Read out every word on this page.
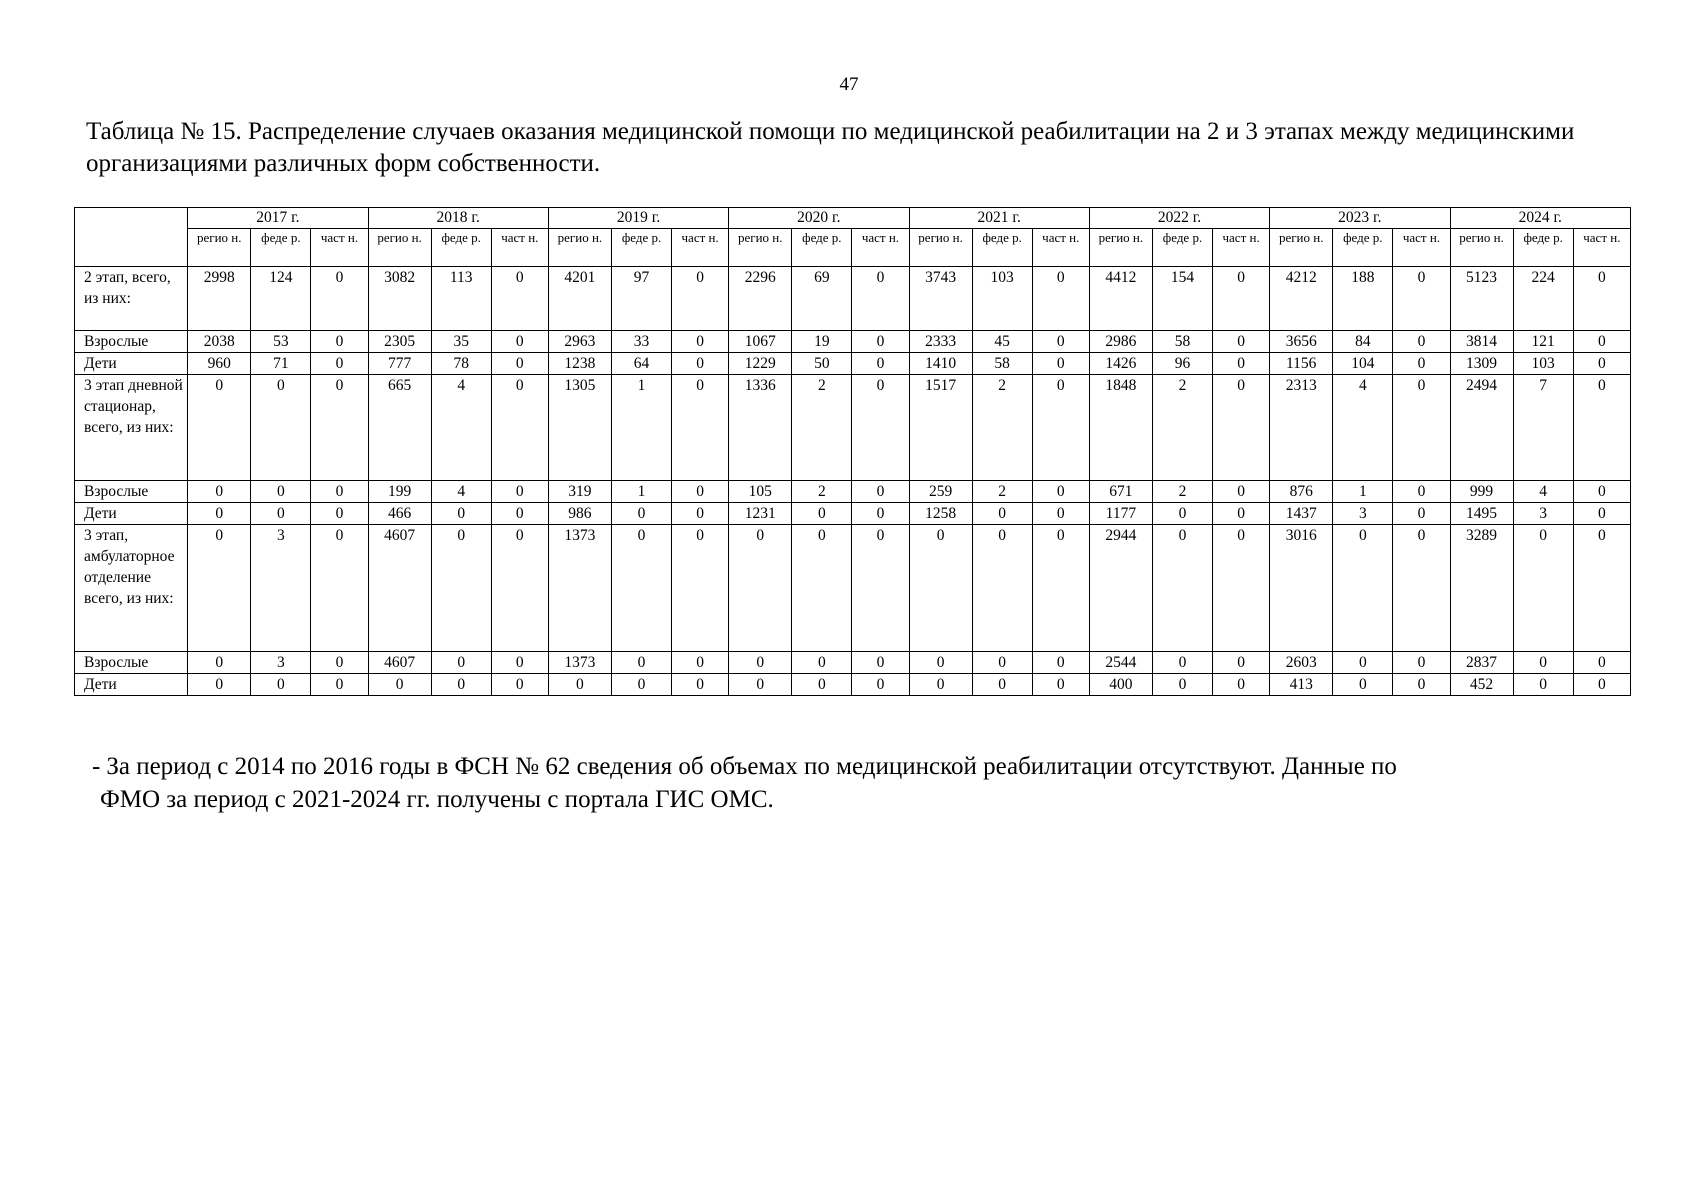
47
Таблица № 15. Распределение случаев оказания медицинской помощи по медицинской реабилитации на 2 и 3 этапах между медицинскими организациями различных форм собственности.
	2017 г.			2018 г.			2019 г.			2020 г.			2021 г.			2022 г.			2023 г.			2024 г.		
	регио н.	феде р.	част н.	регио н.	феде р.	част н.	регио н.	феде р.	част н.	регио н.	феде р.	част н.	регио н.	феде р.	част н.	регио н.	феде р.	част н.	регио н.	феде р.	част н.	регио н.	феде р.	част н.
2 этап, всего, из них:	2998	124	0	3082	113	0	4201	97	0	2296	69	0	3743	103	0	4412	154	0	4212	188	0	5123	224	0
Взрослые	2038	53	0	2305	35	0	2963	33	0	1067	19	0	2333	45	0	2986	58	0	3656	84	0	3814	121	0
Дети	960	71	0	777	78	0	1238	64	0	1229	50	0	1410	58	0	1426	96	0	1156	104	0	1309	103	0
3 этап дневной стационар, всего, из них:	0	0	0	665	4	0	1305	1	0	1336	2	0	1517	2	0	1848	2	0	2313	4	0	2494	7	0
Взрослые	0	0	0	199	4	0	319	1	0	105	2	0	259	2	0	671	2	0	876	1	0	999	4	0
Дети	0	0	0	466	0	0	986	0	0	1231	0	0	1258	0	0	1177	0	0	1437	3	0	1495	3	0
3 этап, амбулаторное отделение всего, из них:	0	3	0	4607	0	0	1373	0	0	0	0	0	0	0	0	2944	0	0	3016	0	0	3289	0	0
Взрослые	0	3	0	4607	0	0	1373	0	0	0	0	0	0	0	0	2544	0	0	2603	0	0	2837	0	0
Дети	0	0	0	0	0	0	0	0	0	0	0	0	0	0	0	400	0	0	413	0	0	452	0	0
- За период с 2014 по 2016 годы в ФСН № 62 сведения об объемах по медицинской реабилитации отсутствуют. Данные по
ФМО за период с 2021-2024 гг. получены с портала ГИС ОМС.
